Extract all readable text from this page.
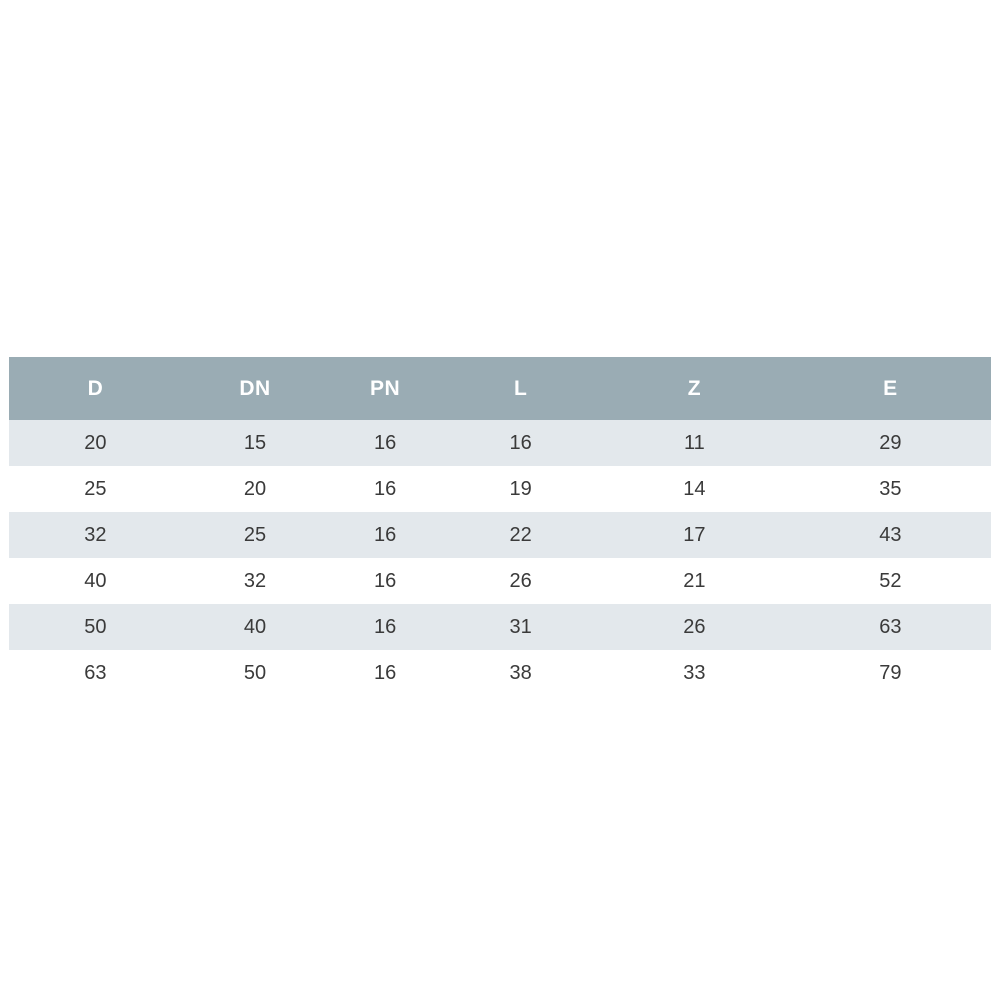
D	DN	PN	L	Z	E
20	15	16	16	11	29
25	20	16	19	14	35
32	25	16	22	17	43
40	32	16	26	21	52
50	40	16	31	26	63
63	50	16	38	33	79
